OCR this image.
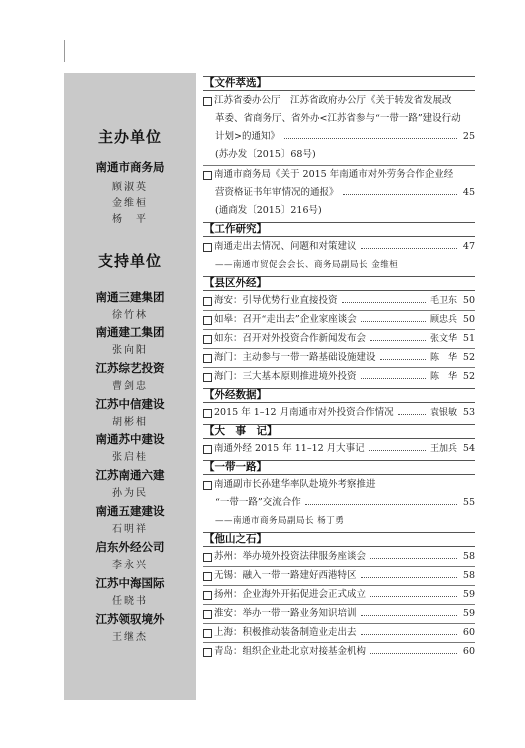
主办单位
南通市商务局
顾淑英
金维桓
杨　平
支持单位
南通三建集团
徐竹林
南通建工集团
张向阳
江苏综艺投资
曹剑忠
江苏中信建设
胡彬相
南通苏中建设
张启桂
江苏南通六建
孙为民
南通五建建设
石明祥
启东外经公司
李永兴
江苏中海国际
任晓书
江苏领驭境外
王继杰
【文件萃选】
江苏省委办公厅　江苏省政府办公厅《关于转发省发展改
革委、省商务厅、省外办<江苏省参与“一带一路”建设行动
计划>的通知》	25
(苏办发〔2015〕68号)
南通市商务局《关于 2015 年南通市对外劳务合作企业经
营资格证书年审情况的通报》	45
(通商发〔2015〕216号)
【工作研究】
南通走出去情况、问题和对策建议	47
——南通市贸促会会长、商务局副局长 金维桓
【县区外经】
海安：引导优势行业直接投资	毛卫东 50
如皋：召开“走出去”企业家座谈会	顾忠兵 50
如东：召开对外投资合作新闻发布会	张文华 51
海门：主动参与一带一路基础设施建设	陈　华 52
海门：三大基本原则推进境外投资	陈　华 52
【外经数据】
2015 年 1–12 月南通市对外投资合作情况	袁银敏 53
【大　事　记】
南通外经 2015 年 11–12 月大事记	王加兵 54
【一带一路】
南通副市长孙建华率队赴境外考察推进
“一带一路”交流合作	55
——南通市商务局副局长 杨丁勇
【他山之石】
苏州：举办境外投资法律服务座谈会	58
无锡：融入一带一路建好西港特区	58
扬州：企业海外开拓促进会正式成立	59
淮安：举办一带一路业务知识培训	59
上海：积极推动装备制造业走出去	60
青岛：组织企业赴北京对接基金机构	60
